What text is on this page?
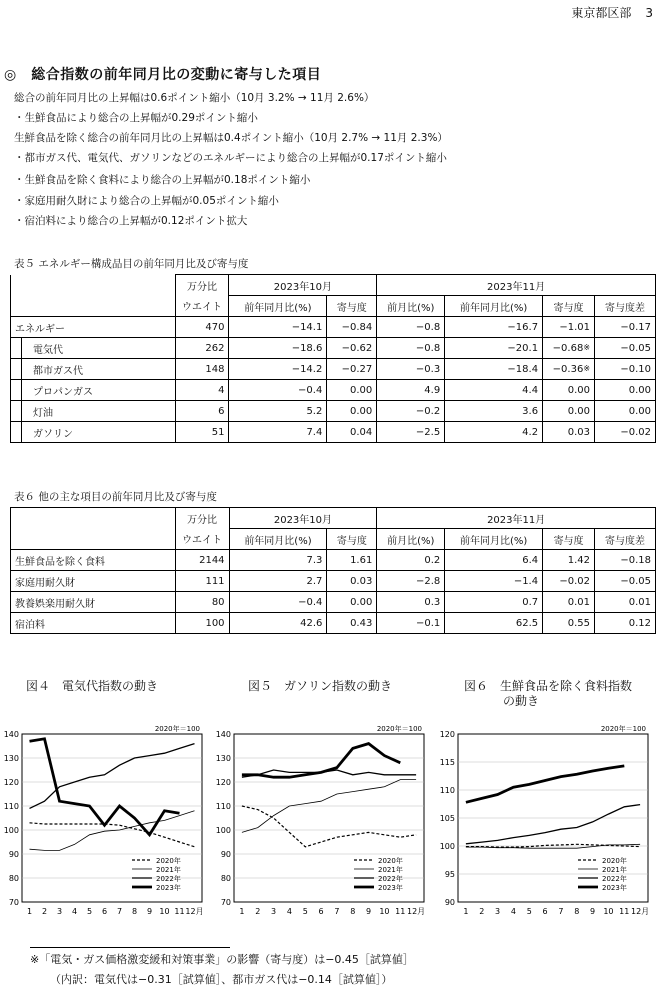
東京都区部 3
◎　総合指数の前年同月比の変動に寄与した項目
総合の前年同月比の上昇幅は0.6ポイント縮小（10月 3.2% → 11月 2.6%）
・生鮮食品により総合の上昇幅が0.29ポイント縮小
生鮮食品を除く総合の前年同月比の上昇幅は0.4ポイント縮小（10月 2.7% → 11月 2.3%）
・都市ガス代、電気代、ガソリンなどのエネルギーにより総合の上昇幅が0.17ポイント縮小
・生鮮食品を除く食料により総合の上昇幅が0.18ポイント縮小
・家庭用耐久財により総合の上昇幅が0.05ポイント縮小
・宿泊料により総合の上昇幅が0.12ポイント拡大
表５ エネルギー構成品目の前年同月比及び寄与度
	万分比	2023年10月		2023年11月			
	ウエイト	前年同月比(%)	寄与度	前月比(%)	前年同月比(%)	寄与度	寄与度差
エネルギー	470	−14.1	−0.84	−0.8	−16.7	−1.01	−0.17
電気代	262	−18.6	−0.62	−0.8	−20.1	−0.68※	−0.05
都市ガス代	148	−14.2	−0.27	−0.3	−18.4	−0.36※	−0.10
プロパンガス	4	−0.4	0.00	4.9	4.4	0.00	0.00
灯油	6	5.2	0.00	−0.2	3.6	0.00	0.00
ガソリン	51	7.4	0.04	−2.5	4.2	0.03	−0.02
表６ 他の主な項目の前年同月比及び寄与度
	万分比	2023年10月		2023年11月			
	ウエイト	前年同月比(%)	寄与度	前月比(%)	前年同月比(%)	寄与度	寄与度差
生鮮食品を除く食料	2144	7.3	1.61	0.2	6.4	1.42	−0.18
家庭用耐久財	111	2.7	0.03	−2.8	−1.4	−0.02	−0.05
教養娯楽用耐久財	80	−0.4	0.00	0.3	0.7	0.01	0.01
宿泊料	100	42.6	0.43	−0.1	62.5	0.55	0.12
図４　電気代指数の動き	図５　ガソリン指数の動き	図６　生鮮食品を除く食料指数
の動き
70
80
90
100
110
120
130
140
1 2 3 4 5 6 7 8 9 10 11 12月
2020年＝100
2020年
2021年
2022年
2023年
70
80
90
100
110
120
130
140
1 2 3 4 5 6 7 8 9 10 11 12月
2020年＝100
2020年
2021年
2022年
2023年
90
95
100
105
110
115
120
1 2 3 4 5 6 7 8 9 10 11 12月
2020年＝100
2020年
2021年
2022年
2023年
※「電気・ガス価格激変緩和対策事業」の影響（寄与度）は−0.45［試算値］
（内訳：電気代は−0.31［試算値］、都市ガス代は−0.14［試算値］）
